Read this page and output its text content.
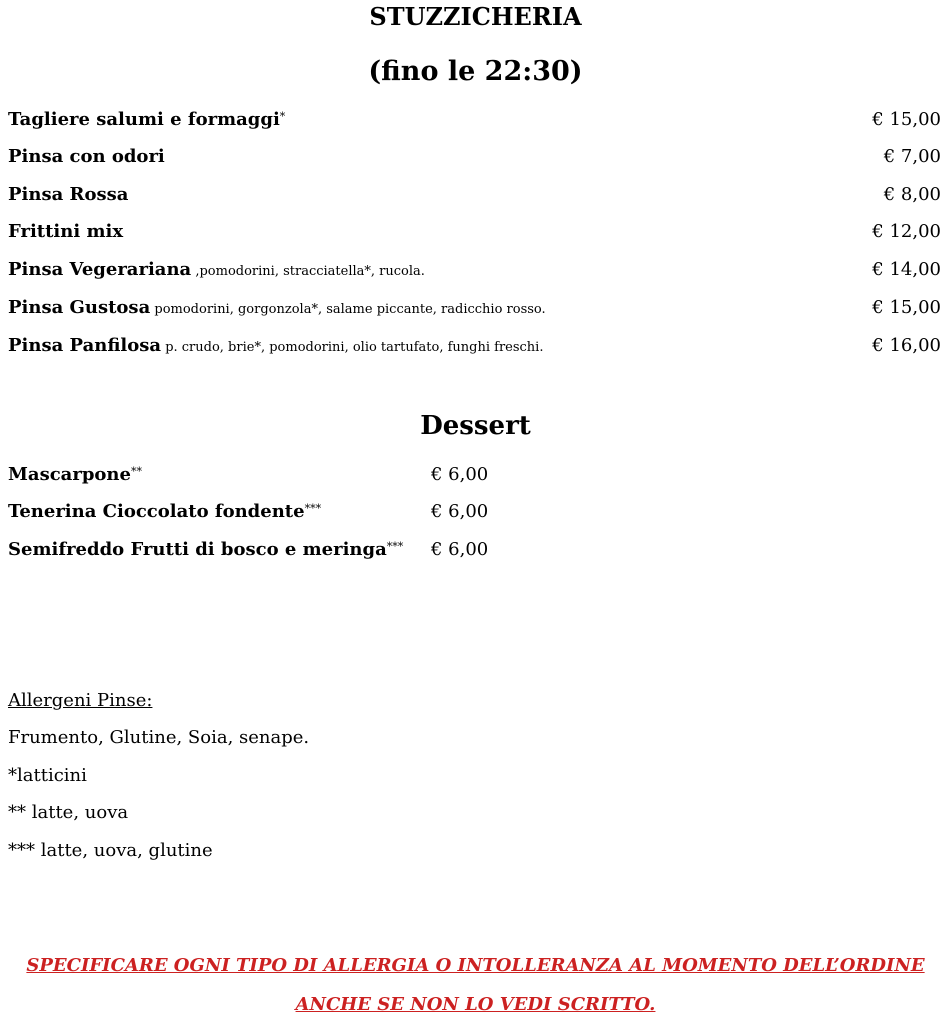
STUZZICHERIA
(fino le 22:30)
Tagliere salumi e formaggi*	€ 15,00
Pinsa con odori	€ 7,00
Pinsa Rossa	€ 8,00
Frittini mix	€ 12,00
Pinsa Vegerariana ,pomodorini, stracciatella*, rucola.	€ 14,00
Pinsa Gustosa pomodorini, gorgonzola*, salame piccante, radicchio rosso.	€ 15,00
Pinsa Panfilosa p. crudo, brie*, pomodorini, olio tartufato, funghi freschi.	€ 16,00
Dessert
Mascarpone**	€ 6,00
Tenerina Cioccolato fondente***	€ 6,00
Semifreddo Frutti di bosco e meringa*** € 6,00
Allergeni Pinse:
Frumento, Glutine, Soia, senape.
*latticini
** latte, uova
*** latte, uova, glutine
SPECIFICARE OGNI TIPO DI ALLERGIA O INTOLLERANZA AL MOMENTO DELL’ORDINE
ANCHE SE NON LO VEDI SCRITTO.
